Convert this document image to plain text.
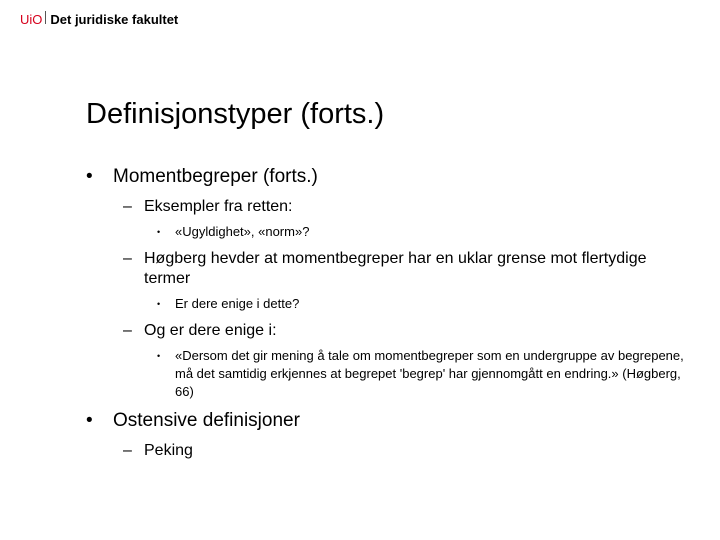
UiO Det juridiske fakultet
Definisjonstyper (forts.)
• Momentbegreper (forts.)
– Eksempler fra retten:
• «Ugyldighet», «norm»?
– Høgberg hevder at momentbegreper har en uklar grense mot flertydige termer
• Er dere enige i dette?
– Og er dere enige i:
• «Dersom det gir mening å tale om momentbegreper som en undergruppe av begrepene, må det samtidig erkjennes at begrepet 'begrep' har gjennomgått en endring.» (Høgberg, 66)
• Ostensive definisjoner
– Peking
